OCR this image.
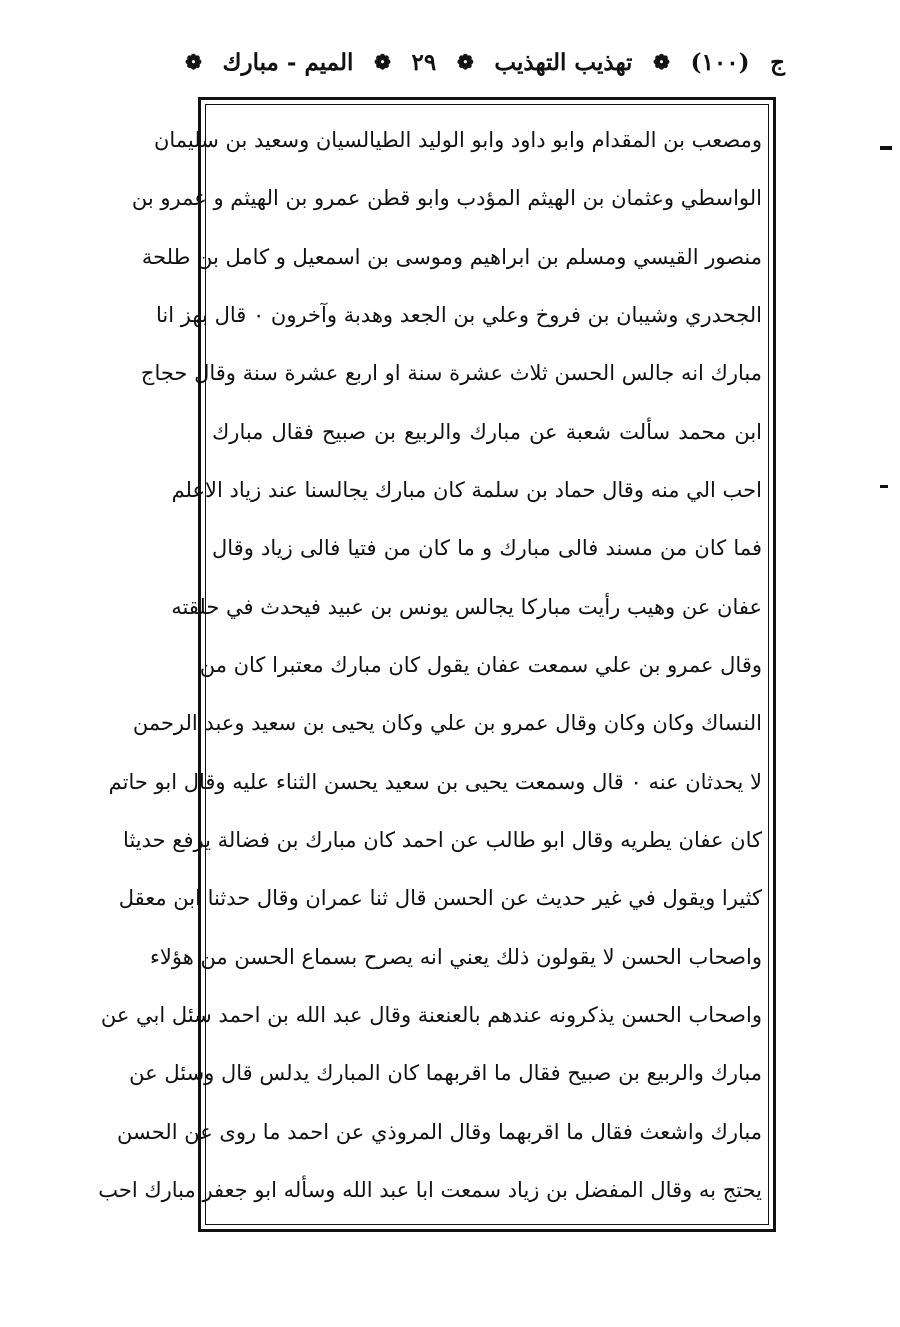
ج
(١٠٠)
❁
تهذيب التهذيب
❁
٢٩
❁
الميم - مبارك
❁
ومصعب بن المقدام وابو داود وابو الوليد الطيالسيان وسعيد بن سليمان
الواسطي وعثمان بن الهيثم المؤدب وابو قطن عمرو بن الهيثم و عمرو بن
منصور القيسي ومسلم بن ابراهيم وموسى بن اسمعيل و كامل بن طلحة
الجحدري وشيبان بن فروخ وعلي بن الجعد وهدبة وآخرون ٠ قال بهز انا
مبارك انه جالس الحسن ثلاث عشرة سنة او اربع عشرة سنة وقال حجاج
ابن محمد سألت شعبة عن مبارك والربيع بن صبيح فقال مبارك
احب الي منه وقال حماد بن سلمة كان مبارك يجالسنا عند زياد الاعلم
فما كان من مسند فالى مبارك و ما كان من فتيا فالى زياد وقال
عفان عن وهيب رأيت مباركا يجالس يونس بن عبيد فيحدث في حلقته
وقال عمرو بن علي سمعت عفان يقول كان مبارك معتبرا كان من
النساك وكان وكان وقال عمرو بن علي وكان يحيى بن سعيد وعبد الرحمن
لا يحدثان عنه ٠ قال وسمعت يحيى بن سعيد يحسن الثناء عليه وقال ابو حاتم
كان عفان يطريه وقال ابو طالب عن احمد كان مبارك بن فضالة يرفع حديثا
كثيرا ويقول في غير حديث عن الحسن قال ثنا عمران وقال حدثنا ابن معقل
واصحاب الحسن لا يقولون ذلك يعني انه يصرح بسماع الحسن من هؤلاء
واصحاب الحسن يذكرونه عندهم بالعنعنة وقال عبد الله بن احمد سئل ابي عن
مبارك والربيع بن صبيح فقال ما اقربهما كان المبارك يدلس قال وسئل عن
مبارك واشعث فقال ما اقربهما وقال المروذي عن احمد ما روى عن الحسن
يحتج به وقال المفضل بن زياد سمعت ابا عبد الله وسأله ابو جعفر مبارك احب
